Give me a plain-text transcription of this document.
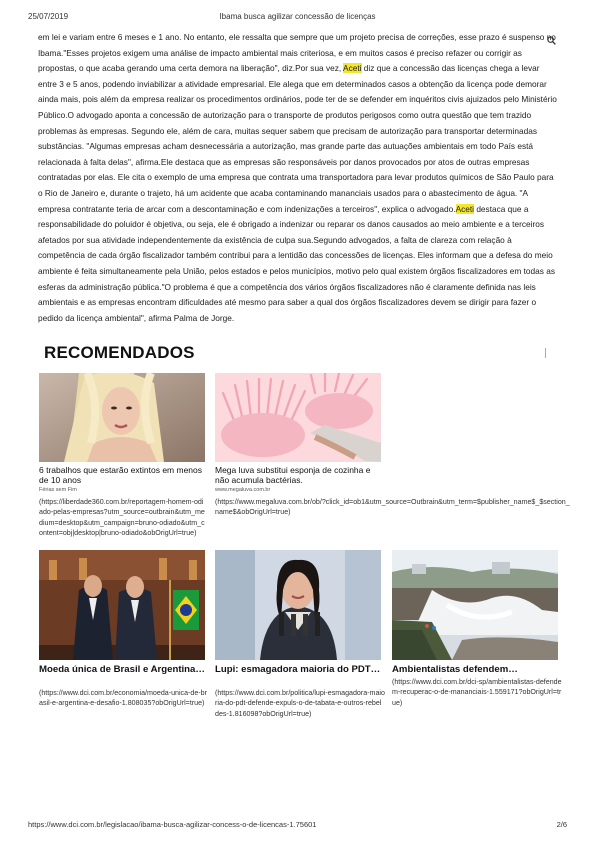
25/07/2019	Ibama busca agilizar concessão de licenças

em lei e variam entre 6 meses e 1 ano. No entanto, ele ressalta que sempre que um projeto precisa de correções, esse prazo é suspenso no Ibama."Esses projetos exigem uma análise de impacto ambiental mais criteriosa, e em muitos casos é preciso refazer ou corrigir as propostas, o que acaba gerando uma certa demora na liberação", diz.Por sua vez, Aceti diz que a concessão das licenças chega a levar entre 3 e 5 anos, podendo inviabilizar a atividade empresarial. Ele alega que em determinados casos a obtenção da licença pode demorar ainda mais, pois além da empresa realizar os procedimentos ordinários, pode ter de se defender em inquéritos civis ajuizados pelo Ministério Público.O advogado aponta a concessão de autorização para o transporte de produtos perigosos como outra questão que tem trazido problemas às empresas. Segundo ele, além de cara, muitas sequer sabem que precisam de autorização para transportar determinadas substâncias. "Algumas empresas acham desnecessária a autorização, mas grande parte das autuações ambientais em todo País está relacionada à falta delas", afirma.Ele destaca que as empresas são responsáveis por danos provocados por atos de outras empresas contratadas por elas. Ele cita o exemplo de uma empresa que contrata uma transportadora para levar produtos químicos de São Paulo para o Rio de Janeiro e, durante o trajeto, há um acidente que acaba contaminando mananciais usados para o abastecimento de água. "A empresa contratante teria de arcar com a descontaminação e com indenizações a terceiros", explica o advogado.Aceti destaca que a responsabilidade do poluidor é objetiva, ou seja, ele é obrigado a indenizar ou reparar os danos causados ao meio ambiente e a terceiros afetados por sua atividade independentemente da existência de culpa sua.Segundo advogados, a falta de clareza com relação à competência de cada órgão fiscalizador também contribui para a lentidão das concessões de licenças. Eles informam que a defesa do meio ambiente é feita simultaneamente pela União, pelos estados e pelos municípios, motivo pelo qual existem órgãos fiscalizadores em todas as esferas da administração pública."O problema é que a competência dos vários órgãos fiscalizadores não é claramente definida nas leis ambientais e as empresas encontram dificuldades até mesmo para saber a qual dos órgãos fiscalizadores devem se dirigir para fazer o pedido da licença ambiental", afirma Palma de Jorge.

RECOMENDADOS
6 trabalhos que estarão extintos em menos de 10 anos
Férias sem Fim
(https://liberdade360.com.br/reportagem-homem-odiado-pelas-empresas?utm_source=outbrain&utm_medium=desktop&utm_campaign=bruno-odiado&utm_content=obj|desktop|bruno-odiado&obOrigUrl=true)
Mega luva substitui esponja de cozinha e não acumula bactérias.
www.megaluva.com.br
(https://www.megaluva.com.br/ob/?click_id=ob1&utm_source=Outbrain&utm_term=$publisher_name$_$section_name$&obOrigUrl=true)
Moeda única de Brasil e Argentina…
(https://www.dci.com.br/economia/moeda-unica-de-brasil-e-argentina-e-desafio-1.808035?obOrigUrl=true)
Lupi: esmagadora maioria do PDT…
(https://www.dci.com.br/politica/lupi-esmagadora-maioria-do-pdt-defende-expuls-o-de-tabata-e-outros-rebeldes-1.816098?obOrigUrl=true)
Ambientalistas defendem…
(https://www.dci.com.br/dci-sp/ambientalistas-defendem-recuperac-o-de-mananciais-1.559171?obOrigUrl=true)
https://www.dci.com.br/legislacao/ibama-busca-agilizar-concess-o-de-licencas-1.75601	2/6
